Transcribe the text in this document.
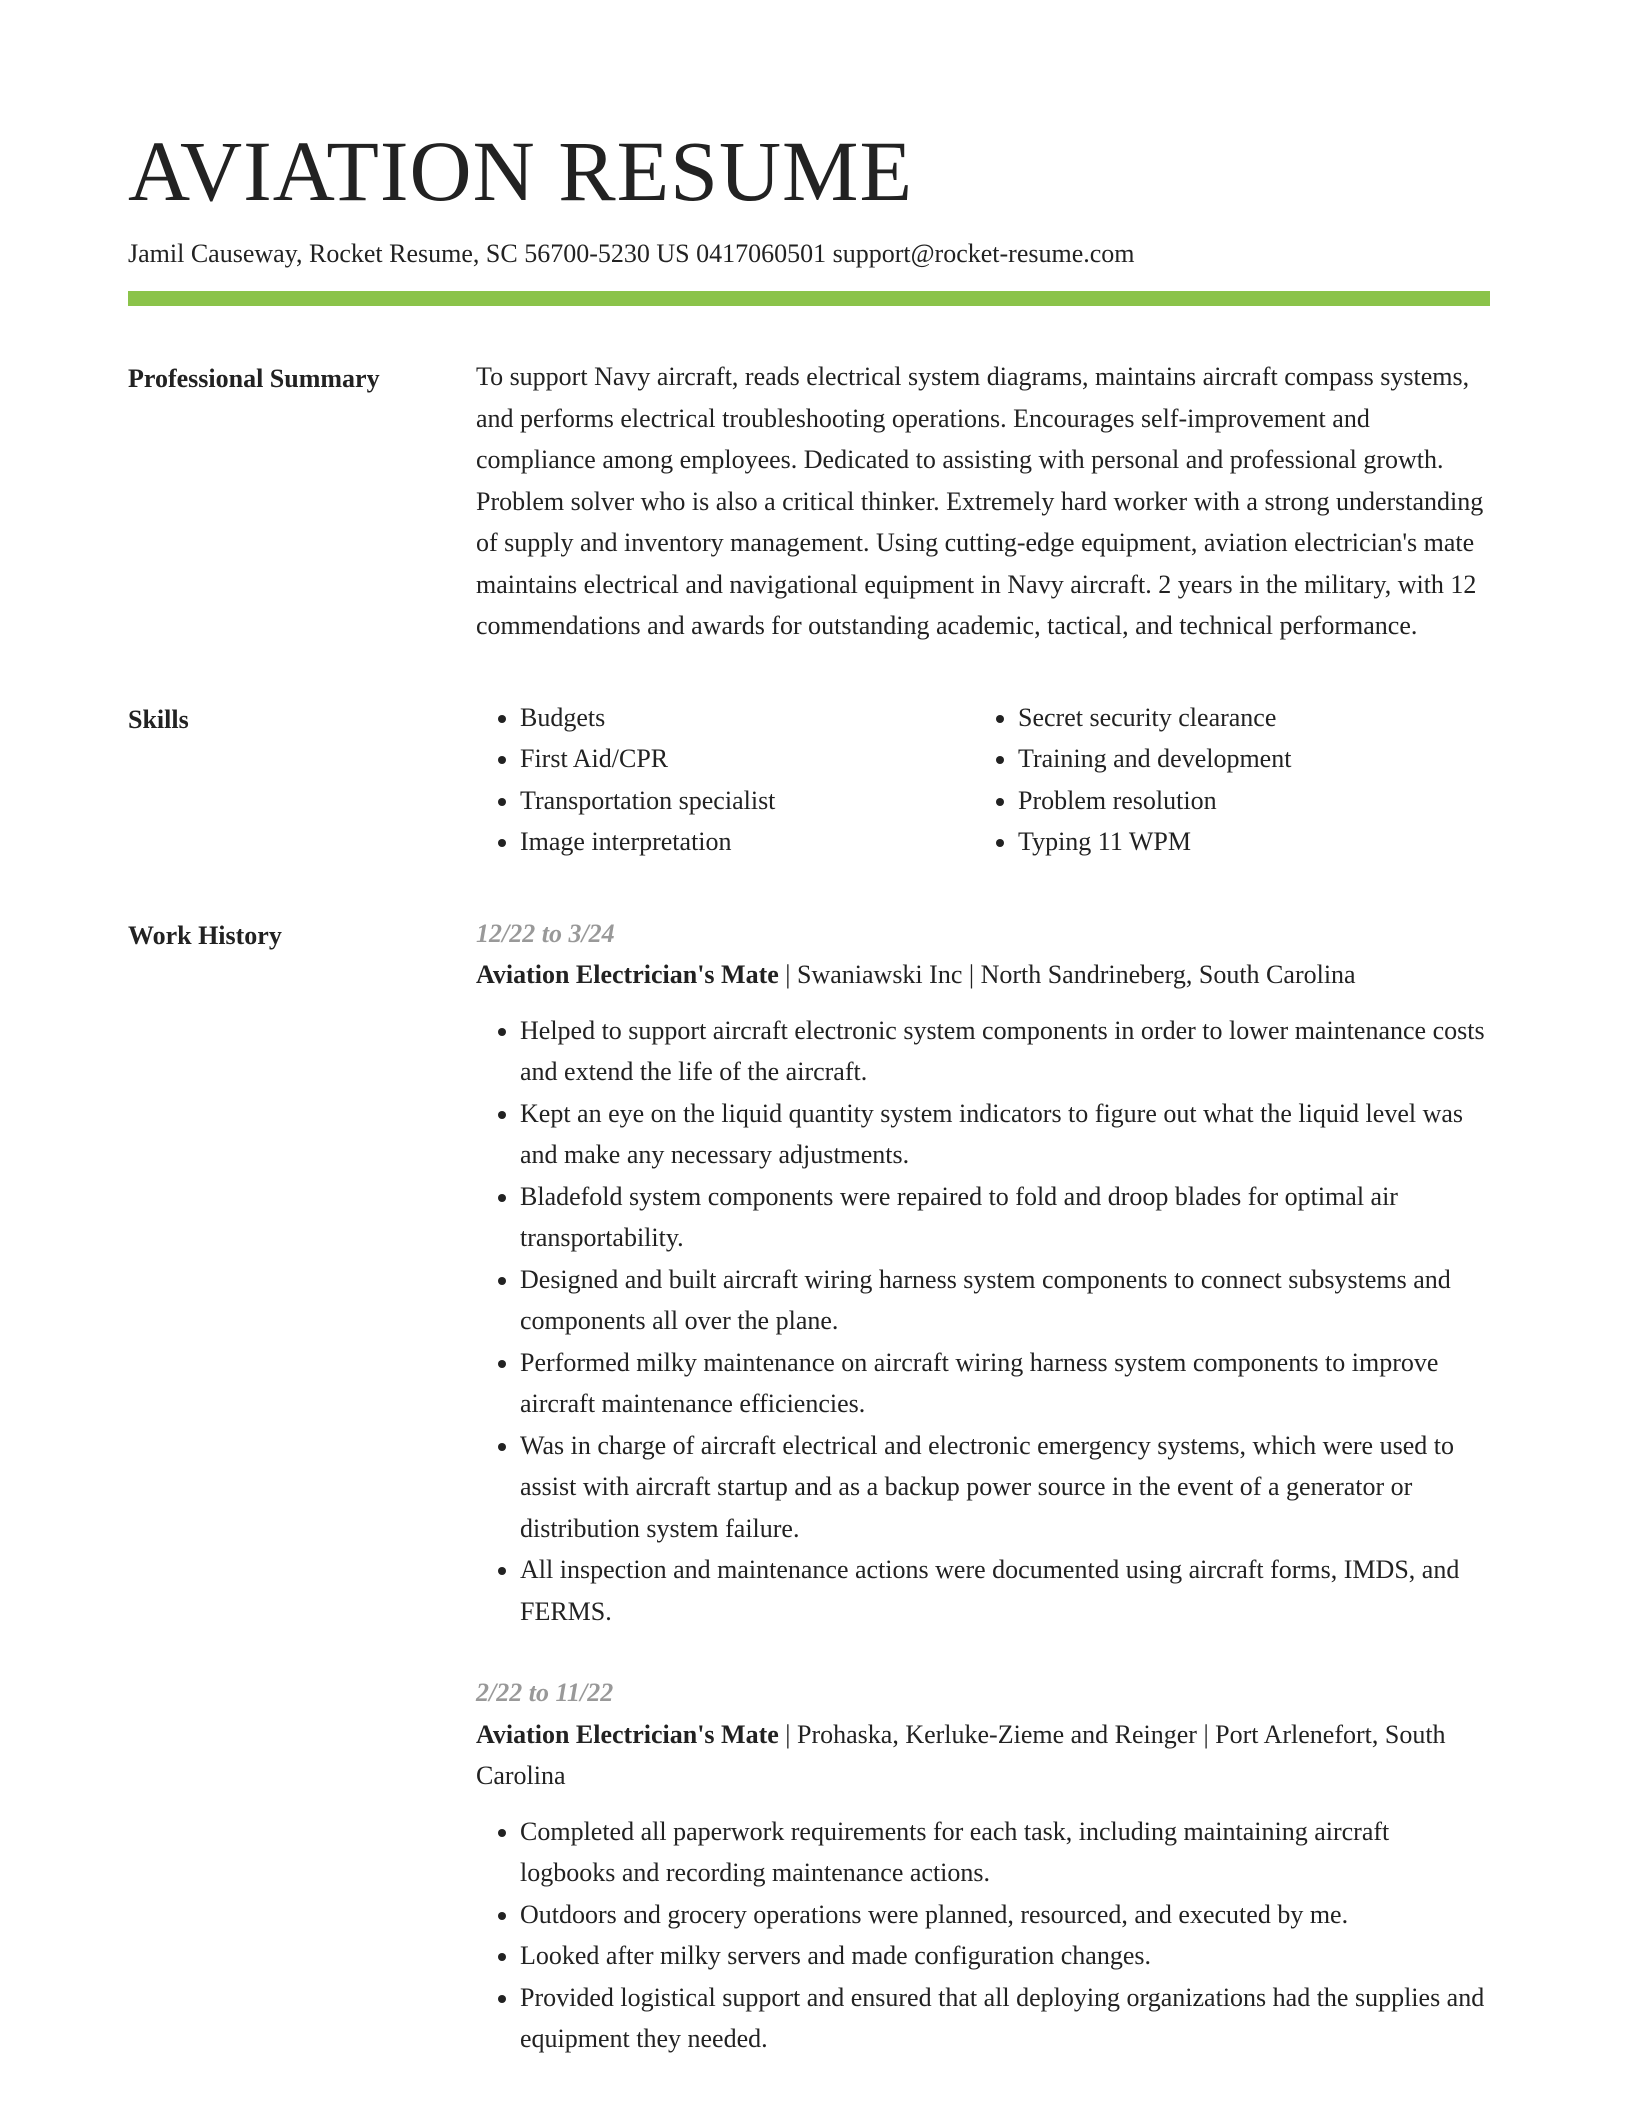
AVIATION RESUME
Jamil Causeway, Rocket Resume, SC 56700-5230 US 0417060501 support@rocket-resume.com
Professional Summary	To support Navy aircraft, reads electrical system diagrams, maintains aircraft compass systems, and performs electrical troubleshooting operations. Encourages self-improvement and compliance among employees. Dedicated to assisting with personal and professional growth. Problem solver who is also a critical thinker. Extremely hard worker with a strong understanding of supply and inventory management. Using cutting-edge equipment, aviation electrician's mate maintains electrical and navigational equipment in Navy aircraft. 2 years in the military, with 12 commendations and awards for outstanding academic, tactical, and technical performance.

Skills
•	Budgets
• First Aid/CPR
• Transportation specialist
• Image interpretation
• Secret security clearance
• Training and development
• Problem resolution
• Typing 11 WPM
Work History	12/22 to 3/24
Aviation Electrician's Mate | Swaniawski Inc | North Sandrineberg, South Carolina
• Helped to support aircraft electronic system components in order to lower maintenance costs and extend the life of the aircraft.
• Kept an eye on the liquid quantity system indicators to figure out what the liquid level was and make any necessary adjustments.
• Bladefold system components were repaired to fold and droop blades for optimal air transportability.
• Designed and built aircraft wiring harness system components to connect subsystems and components all over the plane.
• Performed milky maintenance on aircraft wiring harness system components to improve aircraft maintenance efficiencies.
• Was in charge of aircraft electrical and electronic emergency systems, which were used to assist with aircraft startup and as a backup power source in the event of a generator or distribution system failure.
• All inspection and maintenance actions were documented using aircraft forms, IMDS, and FERMS.
2/22 to 11/22
Aviation Electrician's Mate | Prohaska, Kerluke-Zieme and Reinger | Port Arlenefort, South Carolina
• Completed all paperwork requirements for each task, including maintaining aircraft logbooks and recording maintenance actions.
• Outdoors and grocery operations were planned, resourced, and executed by me.
• Looked after milky servers and made configuration changes.
• Provided logistical support and ensured that all deploying organizations had the supplies and equipment they needed.
